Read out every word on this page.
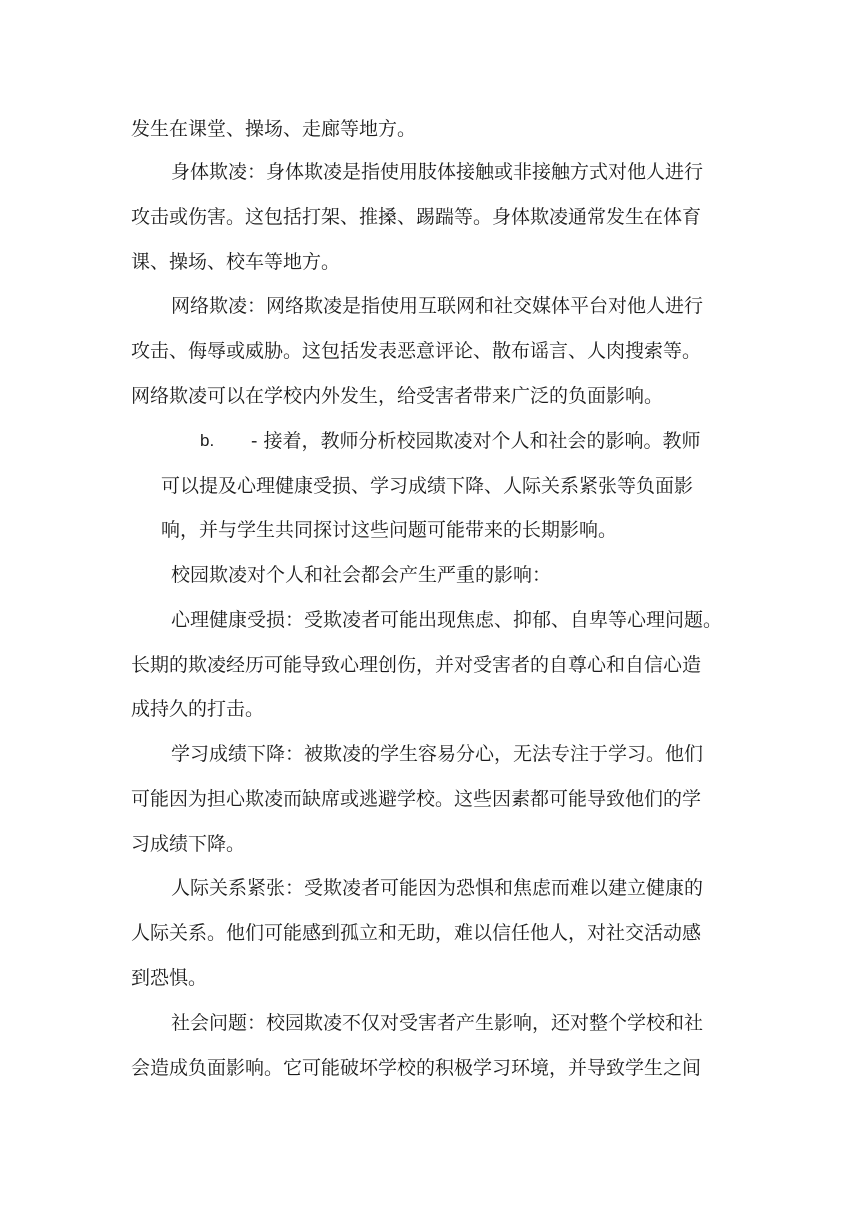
发生在课堂、操场、走廊等地方。
身体欺凌：身体欺凌是指使用肢体接触或非接触方式对他人进行
攻击或伤害。这包括打架、推搡、踢踹等。身体欺凌通常发生在体育
课、操场、校车等地方。
网络欺凌：网络欺凌是指使用互联网和社交媒体平台对他人进行
攻击、侮辱或威胁。这包括发表恶意评论、散布谣言、人肉搜索等。
网络欺凌可以在学校内外发生，给受害者带来广泛的负面影响。
b. - 接着，教师分析校园欺凌对个人和社会的影响。教师
可以提及心理健康受损、学习成绩下降、人际关系紧张等负面影
响，并与学生共同探讨这些问题可能带来的长期影响。
校园欺凌对个人和社会都会产生严重的影响：
心理健康受损：受欺凌者可能出现焦虑、抑郁、自卑等心理问题。
长期的欺凌经历可能导致心理创伤，并对受害者的自尊心和自信心造
成持久的打击。
学习成绩下降：被欺凌的学生容易分心，无法专注于学习。他们
可能因为担心欺凌而缺席或逃避学校。这些因素都可能导致他们的学
习成绩下降。
人际关系紧张：受欺凌者可能因为恐惧和焦虑而难以建立健康的
人际关系。他们可能感到孤立和无助，难以信任他人，对社交活动感
到恐惧。
社会问题：校园欺凌不仅对受害者产生影响，还对整个学校和社
会造成负面影响。它可能破坏学校的积极学习环境，并导致学生之间
